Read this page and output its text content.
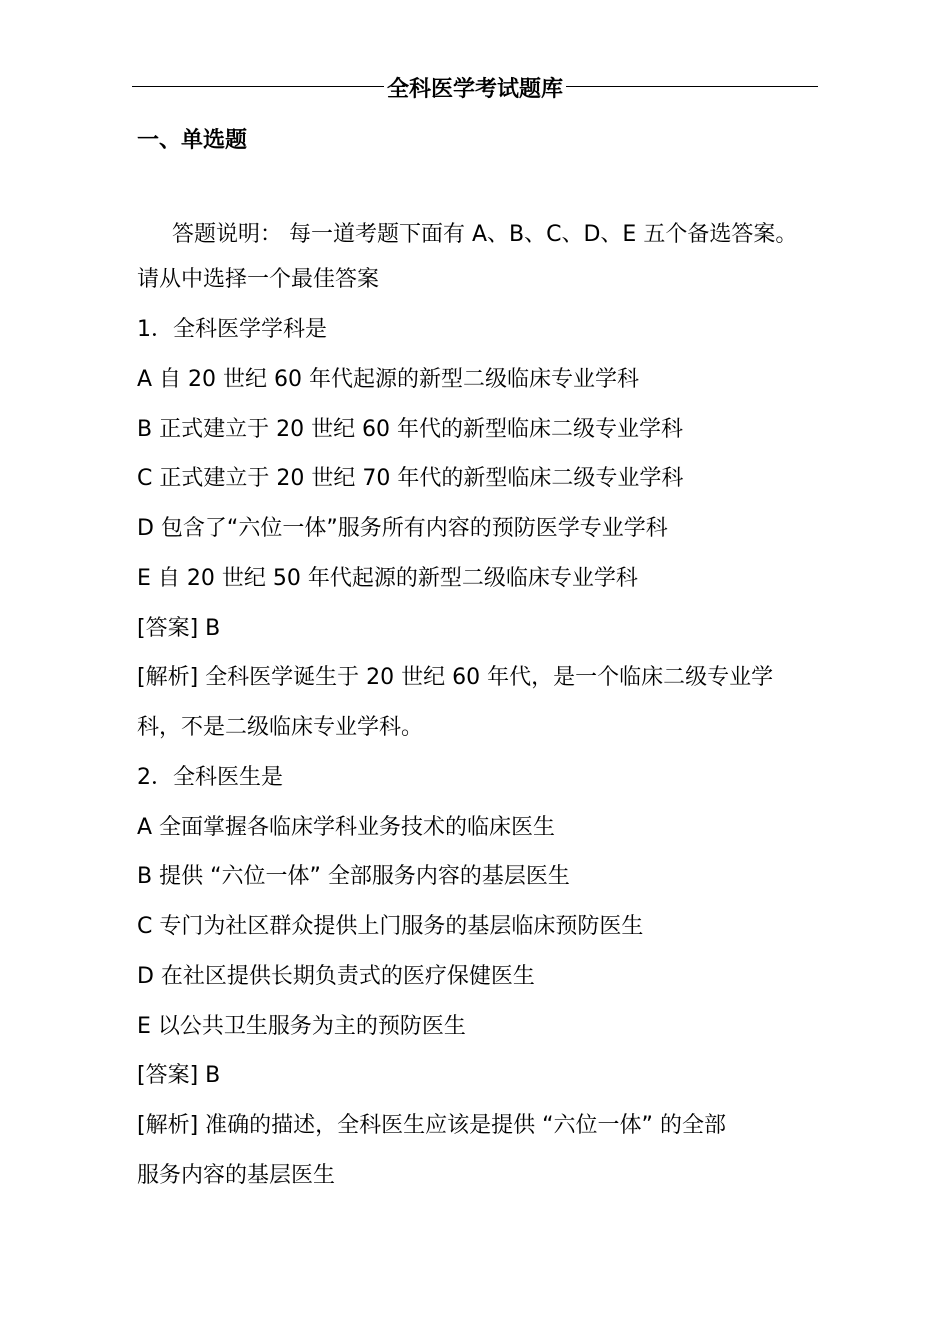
全科医学考试题库
一、单选题
答题说明： 每一道考题下面有 A、B、C、D、E 五个备选答案。
请从中选择一个最佳答案
1．全科医学学科是
A 自 20 世纪 60 年代起源的新型二级临床专业学科
B 正式建立于 20 世纪 60 年代的新型临床二级专业学科
C 正式建立于 20 世纪 70 年代的新型临床二级专业学科
D 包含了“六位一体”服务所有内容的预防医学专业学科
E 自 20 世纪 50 年代起源的新型二级临床专业学科
[答案] B
[解析] 全科医学诞生于 20 世纪 60 年代，是一个临床二级专业学
科，不是二级临床专业学科。
2．全科医生是
A 全面掌握各临床学科业务技术的临床医生
B 提供 “六位一体” 全部服务内容的基层医生
C 专门为社区群众提供上门服务的基层临床预防医生
D 在社区提供长期负责式的医疗保健医生
E 以公共卫生服务为主的预防医生
[答案] B
[解析] 准确的描述，全科医生应该是提供 “六位一体” 的全部
服务内容的基层医生
